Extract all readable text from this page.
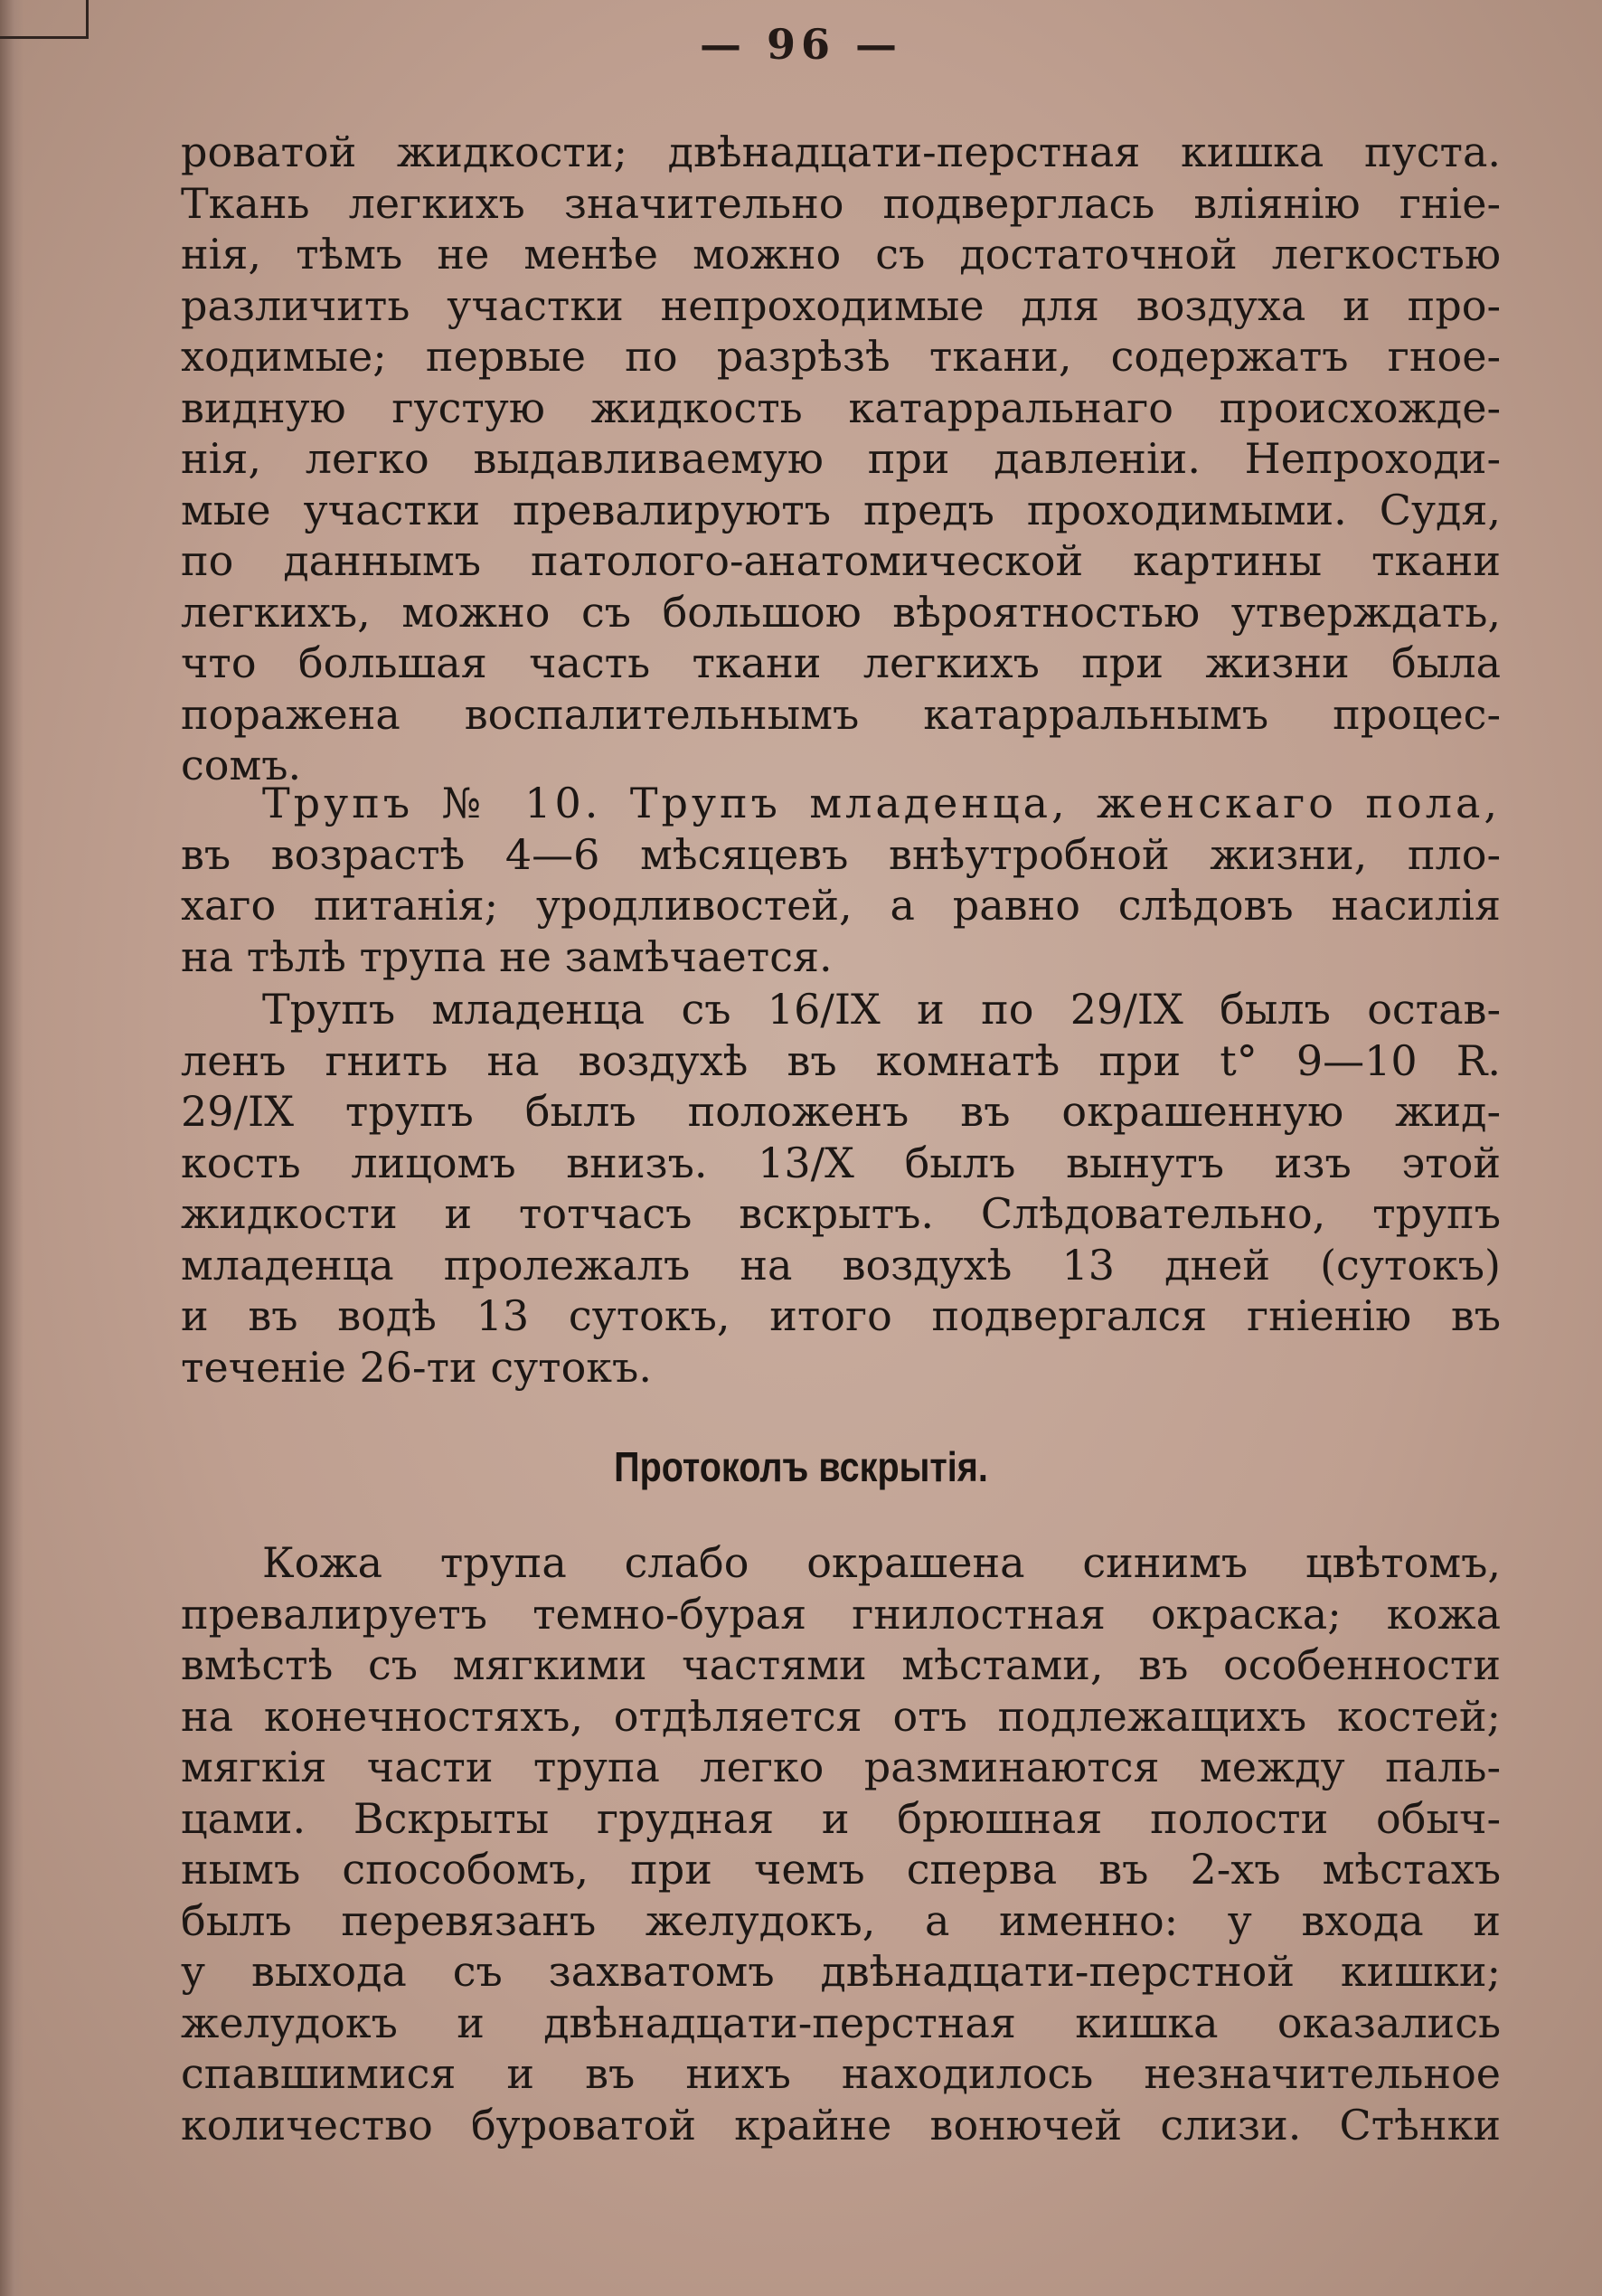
— 96 —
роватой жидкости; двѣнадцати-перстная кишка пуста.
Ткань легкихъ значительно подверглась влiянiю гнiе-
нiя, тѣмъ не менѣе можно съ достаточной легкостью
различить участки непроходимые для воздуха и про-
ходимые; первые по разрѣзѣ ткани, содержатъ гное-
видную густую жидкость катарральнаго происхожде-
нiя, легко выдавливаемую при давленiи. Непроходи-
мые участки превалируютъ предъ проходимыми. Судя,
по даннымъ патолого-анатомической картины ткани
легкихъ, можно съ большою вѣроятностью утверждать,
что большая часть ткани легкихъ при жизни была
поражена воспалительнымъ катарральнымъ процес-
сомъ.
Трупъ № 10. Трупъ младенца, женскаго пола,
въ возрастѣ 4—6 мѣсяцевъ внѣутробной жизни, пло-
хаго питанiя; уродливостей, а равно слѣдовъ насилiя
на тѣлѣ трупа не замѣчается.
Трупъ младенца съ 16/IX и по 29/IX былъ остав-
ленъ гнить на воздухѣ въ комнатѣ при t° 9—10 R.
29/IX трупъ былъ положенъ въ окрашенную жид-
кость лицомъ внизъ. 13/X былъ вынутъ изъ этой
жидкости и тотчасъ вскрытъ. Слѣдовательно, трупъ
младенца пролежалъ на воздухѣ 13 дней (сутокъ)
и въ водѣ 13 сутокъ, итого подвергался гнiенiю въ
теченiе 26-ти сутокъ.
Протоколъ вскрытiя.
Кожа трупа слабо окрашена синимъ цвѣтомъ,
превалируетъ темно-бурая гнилостная окраска; кожа
вмѣстѣ съ мягкими частями мѣстами, въ особенности
на конечностяхъ, отдѣляется отъ подлежащихъ костей;
мягкiя части трупа легко разминаются между паль-
цами. Вскрыты грудная и брюшная полости обыч-
нымъ способомъ, при чемъ сперва въ 2-хъ мѣстахъ
былъ перевязанъ желудокъ, а именно: у входа и
у выхода съ захватомъ двѣнадцати-перстной кишки;
желудокъ и двѣнадцати-перстная кишка оказались
спавшимися и въ нихъ находилось незначительное
количество буроватой крайне вонючей слизи. Стѣнки
